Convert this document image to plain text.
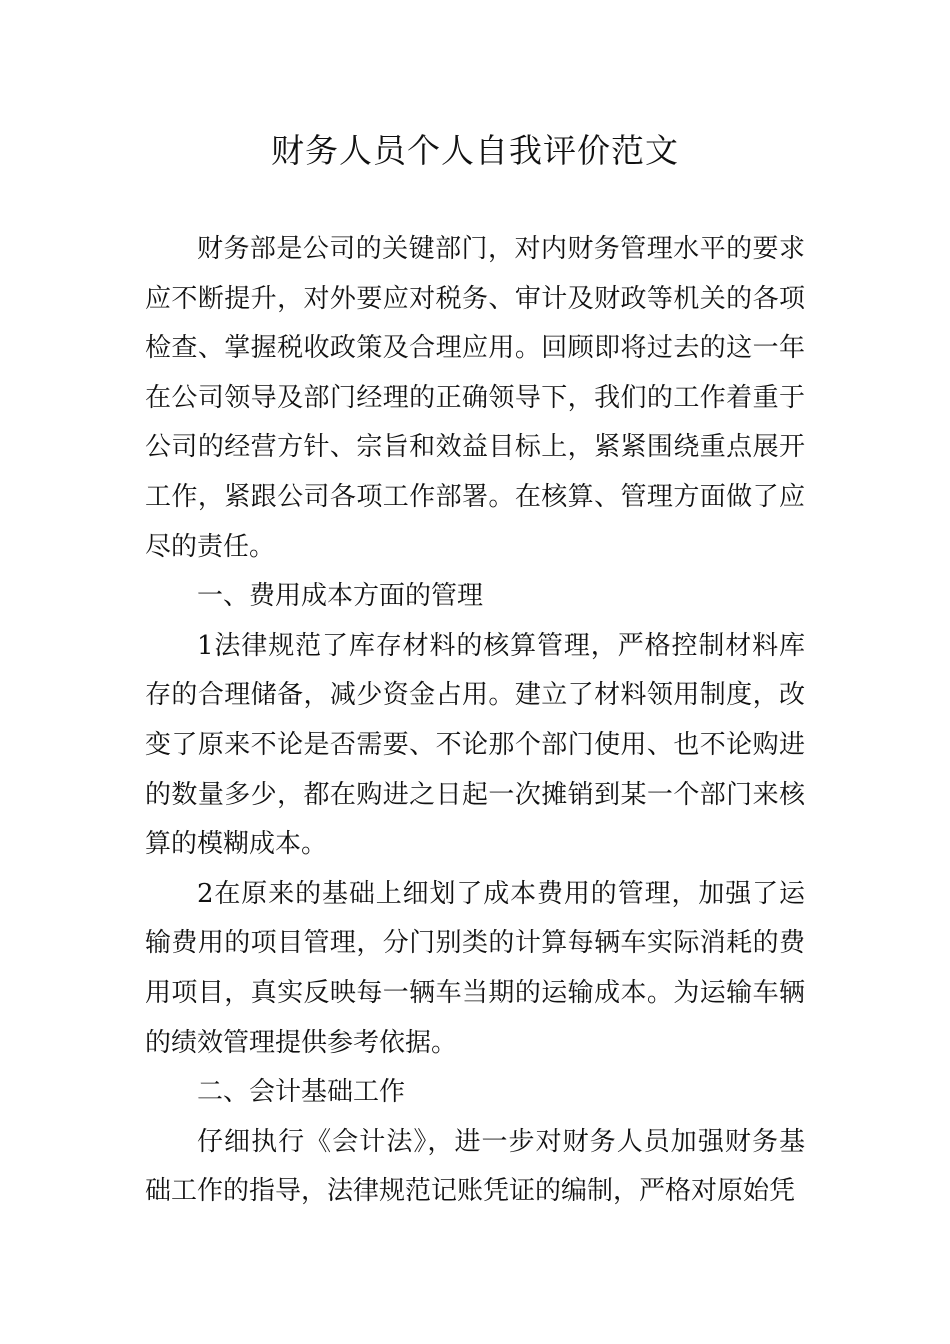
财务人员个人自我评价范文

财务部是公司的关键部门，对内财务管理水平的要求应不断提升，对外要应对税务、审计及财政等机关的各项检查、掌握税收政策及合理应用。回顾即将过去的这一年在公司领导及部门经理的正确领导下，我们的工作着重于公司的经营方针、宗旨和效益目标上，紧紧围绕重点展开工作，紧跟公司各项工作部署。在核算、管理方面做了应尽的责任。

一、费用成本方面的管理

1法律规范了库存材料的核算管理，严格控制材料库存的合理储备，减少资金占用。建立了材料领用制度，改变了原来不论是否需要、不论那个部门使用、也不论购进的数量多少，都在购进之日起一次摊销到某一个部门来核算的模糊成本。

2在原来的基础上细划了成本费用的管理，加强了运输费用的项目管理，分门别类的计算每辆车实际消耗的费用项目，真实反映每一辆车当期的运输成本。为运输车辆的绩效管理提供参考依据。

二、会计基础工作

仔细执行《会计法》，进一步对财务人员加强财务基础工作的指导，法律规范记账凭证的编制，严格对原始凭
